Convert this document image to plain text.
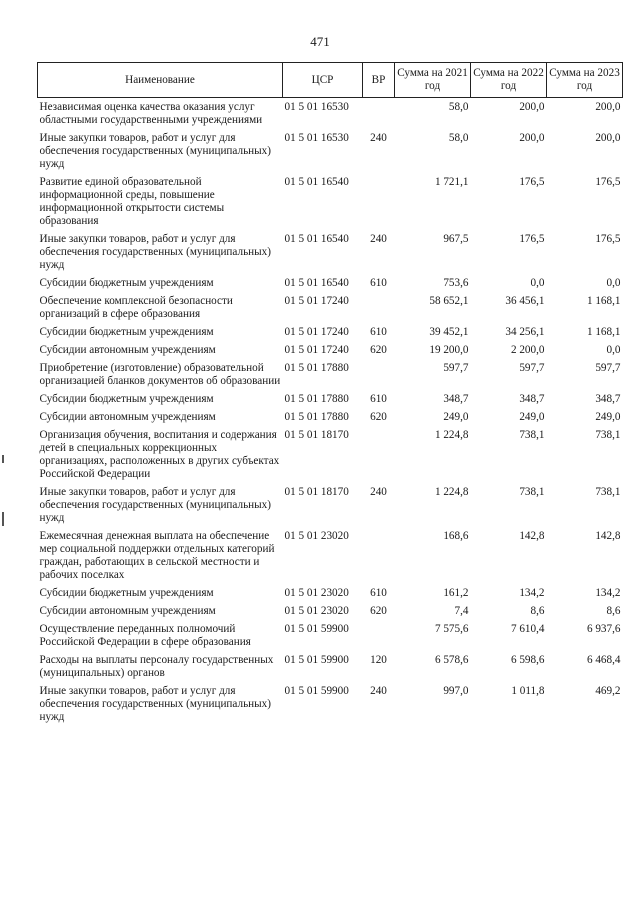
471
Наименование	ЦСР	ВР	Сумма на 2021 год	Сумма на 2022 год	Сумма на 2023 год
Независимая оценка качества оказания услуг областными государственными учреждениями	01 5 01 16530		58,0	200,0	200,0
Иные закупки товаров, работ и услуг для обеспечения государственных (муниципальных) нужд	01 5 01 16530	240	58,0	200,0	200,0
Развитие единой образовательной информационной среды, повышение информационной открытости системы образования	01 5 01 16540		1 721,1	176,5	176,5
Иные закупки товаров, работ и услуг для обеспечения государственных (муниципальных) нужд	01 5 01 16540	240	967,5	176,5	176,5
Субсидии бюджетным учреждениям	01 5 01 16540	610	753,6	0,0	0,0
Обеспечение комплексной безопасности организаций в сфере образования	01 5 01 17240		58 652,1	36 456,1	1 168,1
Субсидии бюджетным учреждениям	01 5 01 17240	610	39 452,1	34 256,1	1 168,1
Субсидии автономным учреждениям	01 5 01 17240	620	19 200,0	2 200,0	0,0
Приобретение (изготовление) образовательной организацией бланков документов об образовании	01 5 01 17880		597,7	597,7	597,7
Субсидии бюджетным учреждениям	01 5 01 17880	610	348,7	348,7	348,7
Субсидии автономным учреждениям	01 5 01 17880	620	249,0	249,0	249,0
Организация обучения, воспитания и содержания детей в специальных коррекционных организациях, расположенных в других субъектах Российской Федерации	01 5 01 18170		1 224,8	738,1	738,1
Иные закупки товаров, работ и услуг для обеспечения государственных (муниципальных) нужд	01 5 01 18170	240	1 224,8	738,1	738,1
Ежемесячная денежная выплата на обеспечение мер социальной поддержки отдельных категорий граждан, работающих в сельской местности и рабочих поселках	01 5 01 23020		168,6	142,8	142,8
Субсидии бюджетным учреждениям	01 5 01 23020	610	161,2	134,2	134,2
Субсидии автономным учреждениям	01 5 01 23020	620	7,4	8,6	8,6
Осуществление переданных полномочий Российской Федерации в сфере образования	01 5 01 59900		7 575,6	7 610,4	6 937,6
Расходы на выплаты персоналу государственных (муниципальных) органов	01 5 01 59900	120	6 578,6	6 598,6	6 468,4
Иные закупки товаров, работ и услуг для обеспечения государственных (муниципальных) нужд	01 5 01 59900	240	997,0	1 011,8	469,2
